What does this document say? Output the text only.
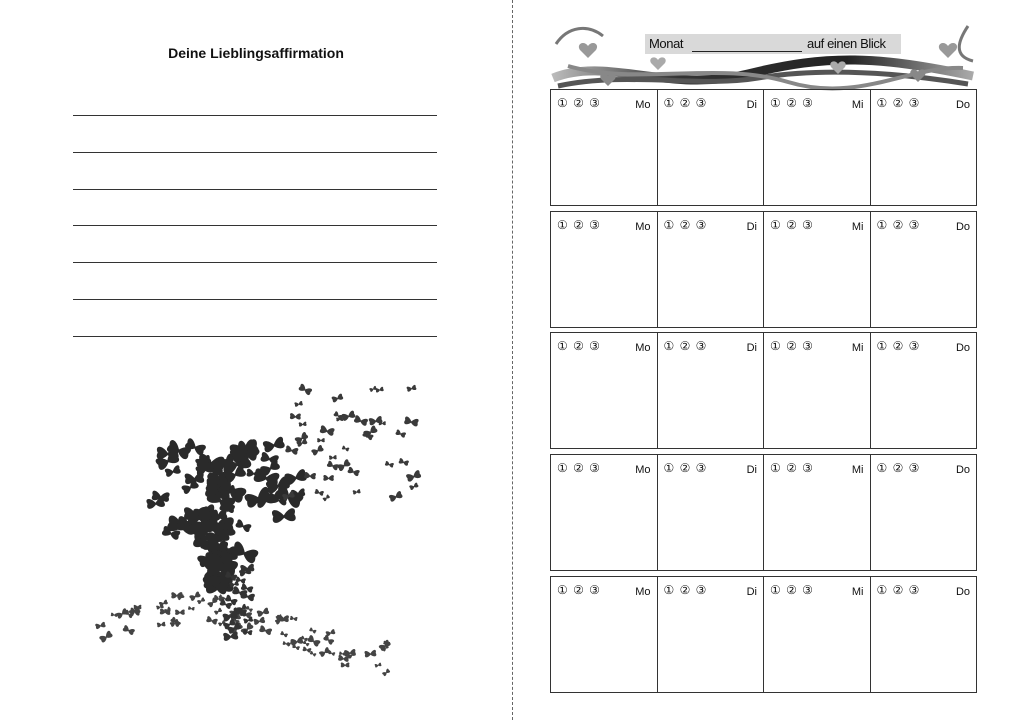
Deine Lieblingsaffirmation
Monat	auf einen Blick
① ② ③	Mo ① ② ③	Di ① ② ③	Mi ① ② ③	Do
① ② ③	Mo ① ② ③	Di ① ② ③	Mi ① ② ③	Do
① ② ③	Mo ① ② ③	Di ① ② ③	Mi ① ② ③	Do
① ② ③	Mo ① ② ③	Di ① ② ③	Mi ① ② ③	Do
① ② ③	Mo ① ② ③	Di ① ② ③	Mi ① ② ③	Do
